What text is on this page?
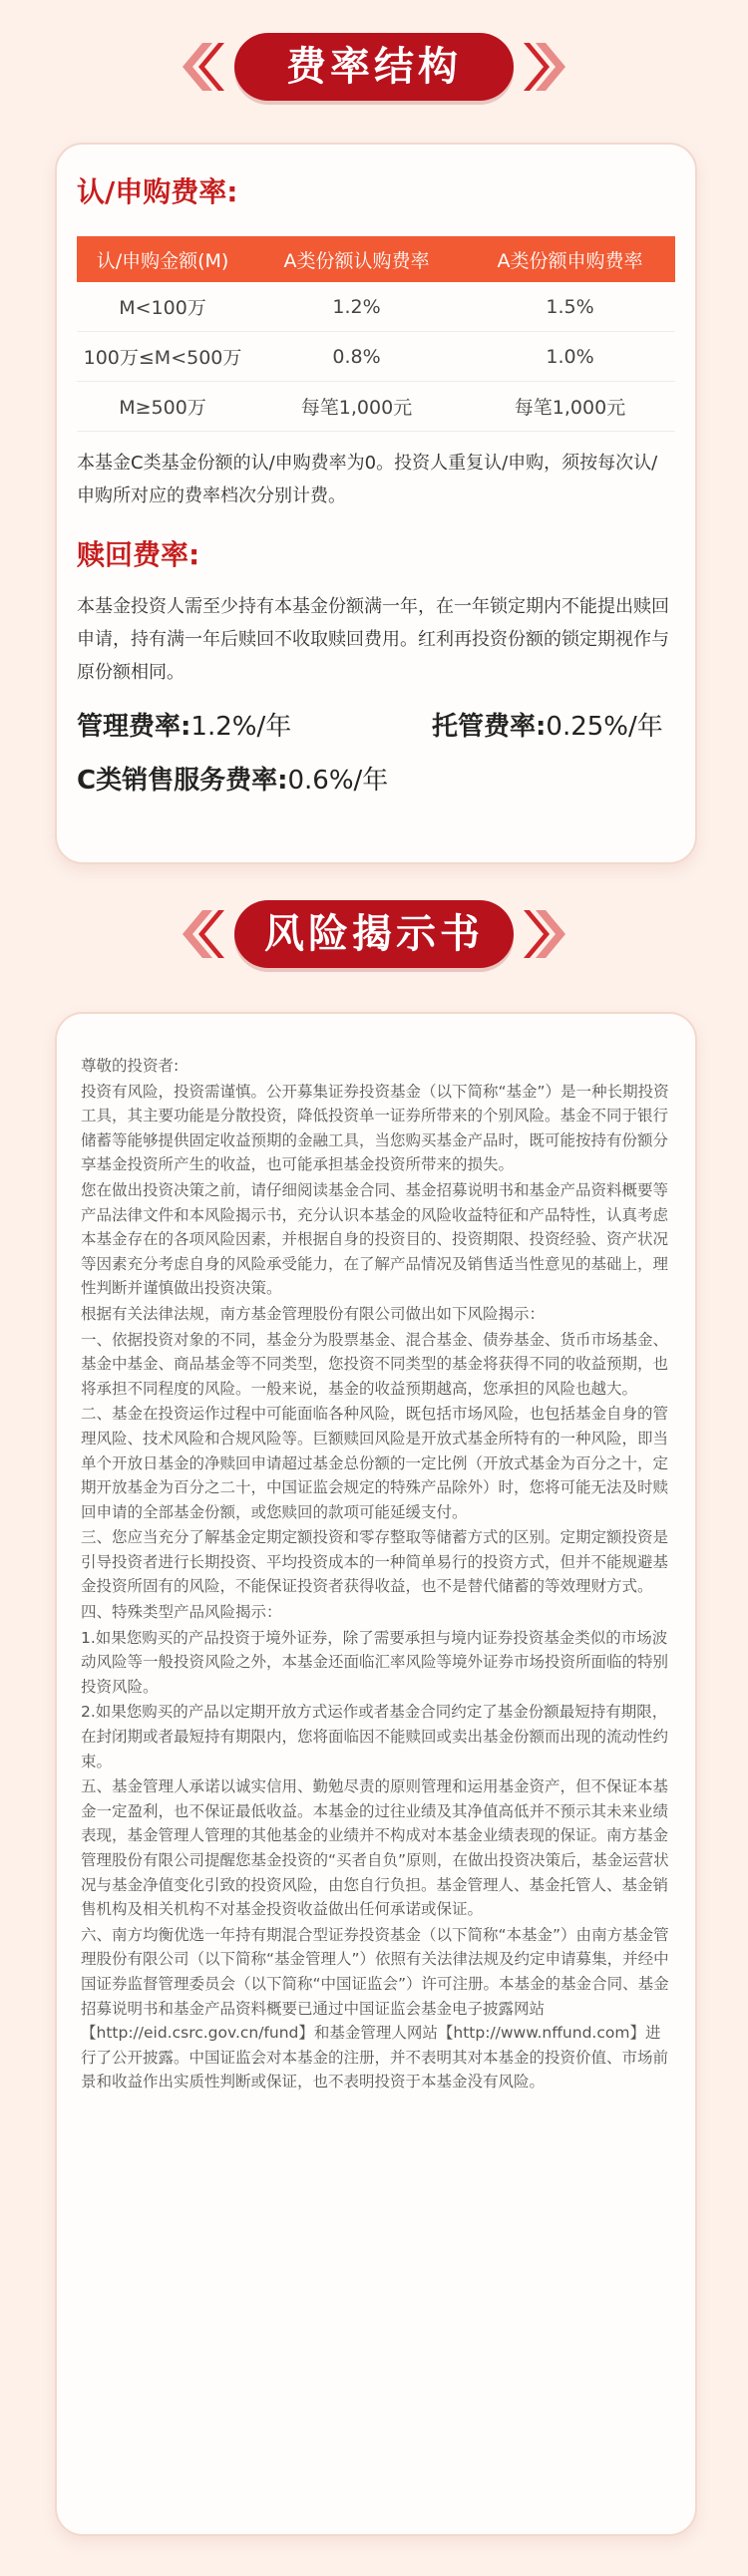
费率结构
认/申购费率:
认/申购金额(M)	A类份额认购费率	A类份额申购费率
M<100万	1.2%	1.5%
100万≤M<500万	0.8%	1.0%
M≥500万	每笔1,000元	每笔1,000元
本基金C类基金份额的认/申购费率为0。投资人重复认/申购，须按每次认/申购所对应的费率档次分别计费。
赎回费率:
本基金投资人需至少持有本基金份额满一年，在一年锁定期内不能提出赎回申请，持有满一年后赎回不收取赎回费用。红利再投资份额的锁定期视作与原份额相同。
管理费率:1.2%/年	托管费率:0.25%/年
C类销售服务费率:0.6%/年
风险揭示书

尊敬的投资者:

投资有风险，投资需谨慎。公开募集证券投资基金（以下简称“基金”）是一种长期投资工具，其主要功能是分散投资，降低投资单一证券所带来的个别风险。基金不同于银行储蓄等能够提供固定收益预期的金融工具，当您购买基金产品时，既可能按持有份额分享基金投资所产生的收益，也可能承担基金投资所带来的损失。

您在做出投资决策之前，请仔细阅读基金合同、基金招募说明书和基金产品资料概要等产品法律文件和本风险揭示书，充分认识本基金的风险收益特征和产品特性，认真考虑本基金存在的各项风险因素，并根据自身的投资目的、投资期限、投资经验、资产状况等因素充分考虑自身的风险承受能力，在了解产品情况及销售适当性意见的基础上，理性判断并谨慎做出投资决策。

根据有关法律法规，南方基金管理股份有限公司做出如下风险揭示：

一、依据投资对象的不同，基金分为股票基金、混合基金、债券基金、货币市场基金、基金中基金、商品基金等不同类型，您投资不同类型的基金将获得不同的收益预期，也将承担不同程度的风险。一般来说，基金的收益预期越高，您承担的风险也越大。

二、基金在投资运作过程中可能面临各种风险，既包括市场风险，也包括基金自身的管理风险、技术风险和合规风险等。巨额赎回风险是开放式基金所特有的一种风险，即当单个开放日基金的净赎回申请超过基金总份额的一定比例（开放式基金为百分之十，定期开放基金为百分之二十，中国证监会规定的特殊产品除外）时，您将可能无法及时赎回申请的全部基金份额，或您赎回的款项可能延缓支付。

三、您应当充分了解基金定期定额投资和零存整取等储蓄方式的区别。定期定额投资是引导投资者进行长期投资、平均投资成本的一种简单易行的投资方式，但并不能规避基金投资所固有的风险，不能保证投资者获得收益，也不是替代储蓄的等效理财方式。

四、特殊类型产品风险揭示：

1.如果您购买的产品投资于境外证券，除了需要承担与境内证券投资基金类似的市场波动风险等一般投资风险之外，本基金还面临汇率风险等境外证券市场投资所面临的特别投资风险。

2.如果您购买的产品以定期开放方式运作或者基金合同约定了基金份额最短持有期限，在封闭期或者最短持有期限内，您将面临因不能赎回或卖出基金份额而出现的流动性约束。

五、基金管理人承诺以诚实信用、勤勉尽责的原则管理和运用基金资产，但不保证本基金一定盈利，也不保证最低收益。本基金的过往业绩及其净值高低并不预示其未来业绩表现，基金管理人管理的其他基金的业绩并不构成对本基金业绩表现的保证。南方基金管理股份有限公司提醒您基金投资的“买者自负”原则，在做出投资决策后，基金运营状况与基金净值变化引致的投资风险，由您自行负担。基金管理人、基金托管人、基金销售机构及相关机构不对基金投资收益做出任何承诺或保证。

六、南方均衡优选一年持有期混合型证券投资基金（以下简称“本基金”）由南方基金管理股份有限公司（以下简称“基金管理人”）依照有关法律法规及约定申请募集，并经中国证券监督管理委员会（以下简称“中国证监会”）许可注册。本基金的基金合同、基金招募说明书和基金产品资料概要已通过中国证监会基金电子披露网站【http://eid.csrc.gov.cn/fund】和基金管理人网站【http://www.nffund.com】进行了公开披露。中国证监会对本基金的注册，并不表明其对本基金的投资价值、市场前景和收益作出实质性判断或保证，也不表明投资于本基金没有风险。
